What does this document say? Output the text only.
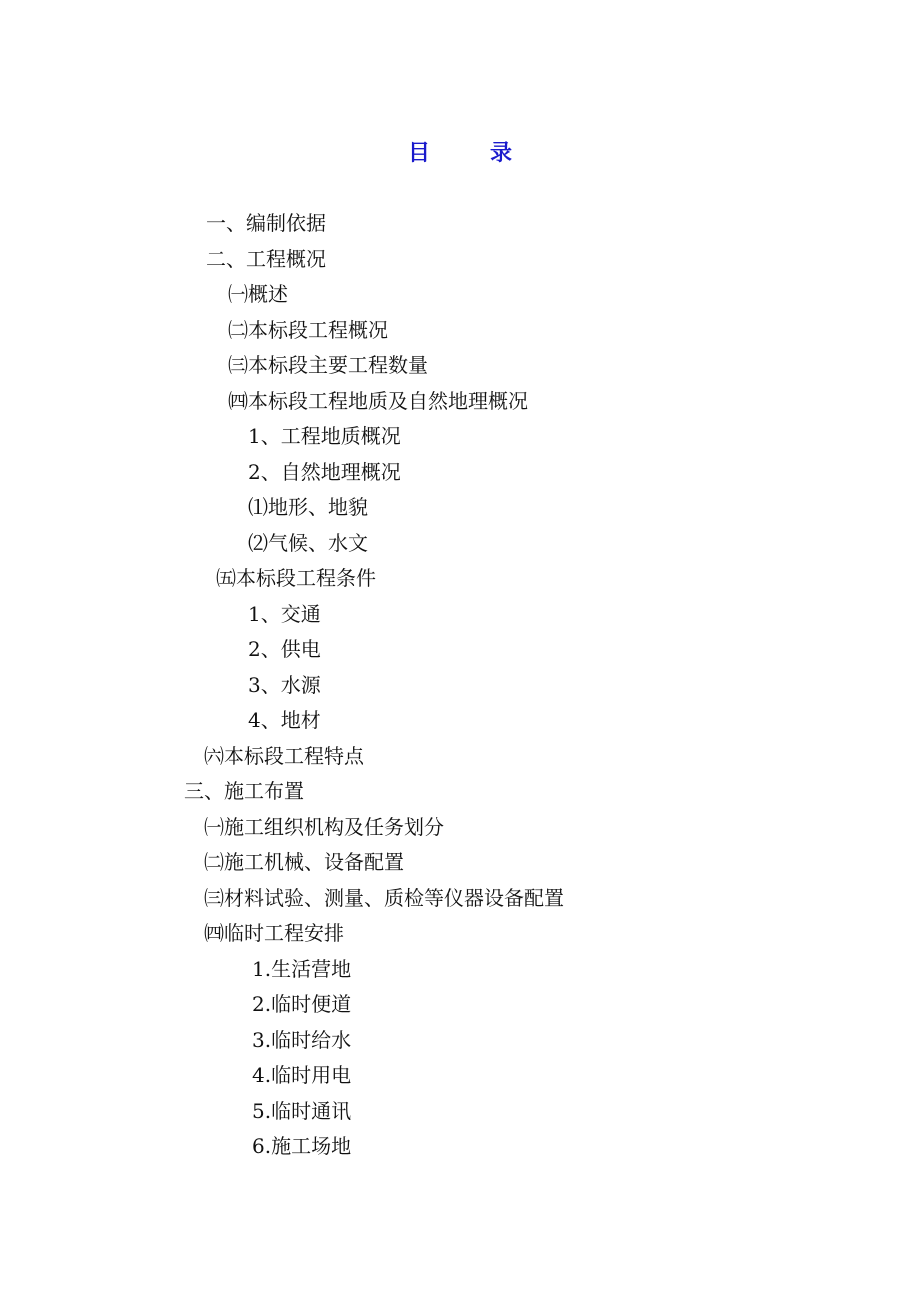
目	录
一、编制依据
二、工程概况
㈠概述
㈡本标段工程概况
㈢本标段主要工程数量
㈣本标段工程地质及自然地理概况
1、工程地质概况
2、自然地理概况
⑴地形、地貌
⑵气候、水文
㈤本标段工程条件
1、交通
2、供电
3、水源
4、地材
㈥本标段工程特点
三、施工布置
㈠施工组织机构及任务划分
㈡施工机械、设备配置
㈢材料试验、测量、质检等仪器设备配置
㈣临时工程安排
1.生活营地
2.临时便道
3.临时给水
4.临时用电
5.临时通讯
6.施工场地
